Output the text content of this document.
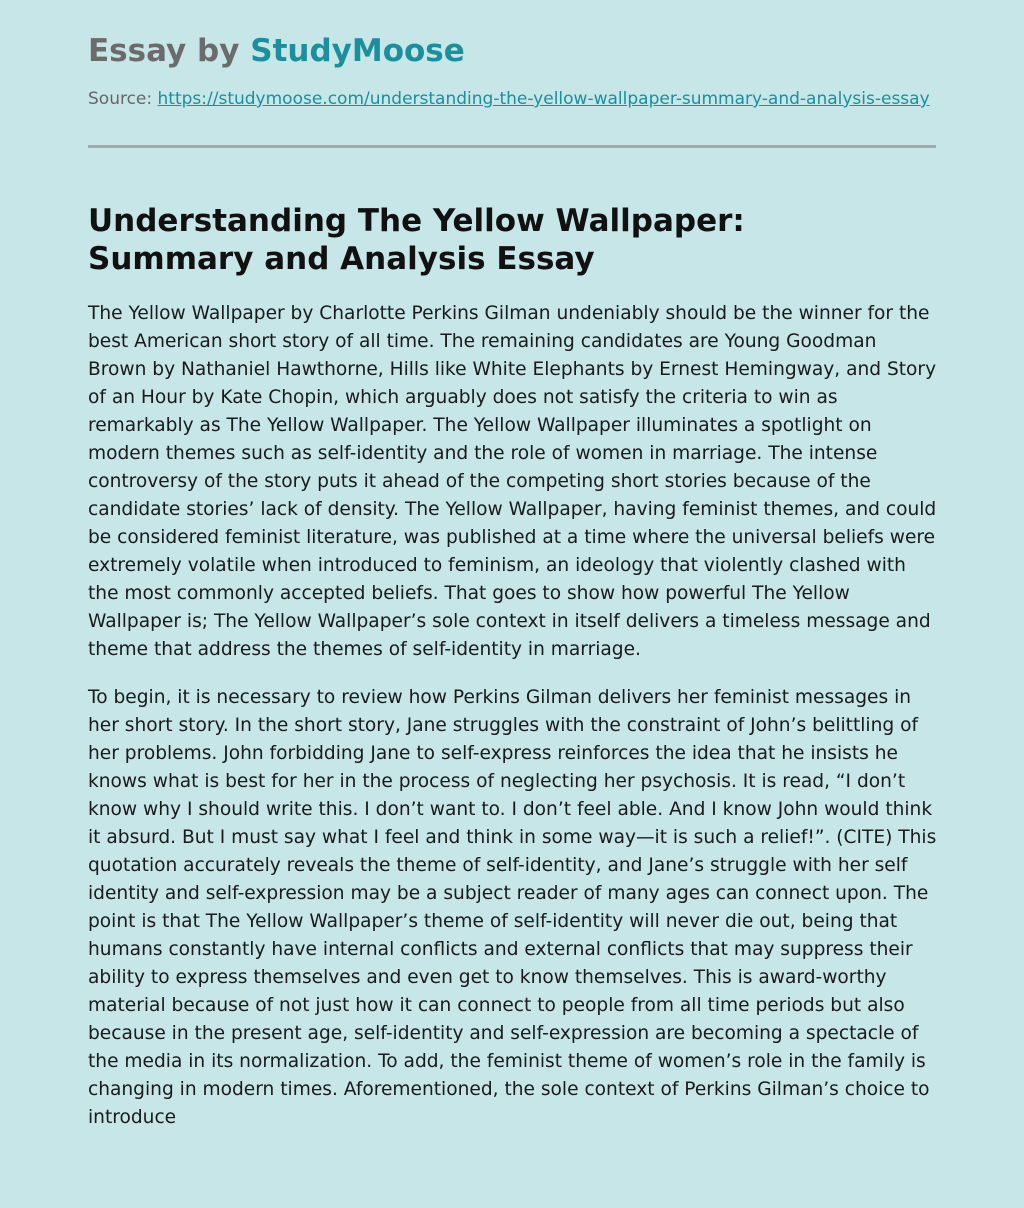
Essay by StudyMoose
Source: https://studymoose.com/understanding-the-yellow-wallpaper-summary-and-analysis-essay
Understanding The Yellow Wallpaper:
Summary and Analysis Essay

The Yellow Wallpaper by Charlotte Perkins Gilman undeniably should be the winner for the best American short story of all time. The remaining candidates are Young Goodman Brown by Nathaniel Hawthorne, Hills like White Elephants by Ernest Hemingway, and Story of an Hour by Kate Chopin, which arguably does not satisfy the criteria to win as remarkably as The Yellow Wallpaper. The Yellow Wallpaper illuminates a spotlight on modern themes such as self-identity and the role of women in marriage. The intense controversy of the story puts it ahead of the competing short stories because of the candidate stories’ lack of density. The Yellow Wallpaper, having feminist themes, and could be considered feminist literature, was published at a time where the universal beliefs were extremely volatile when introduced to feminism, an ideology that violently clashed with the most commonly accepted beliefs. That goes to show how powerful The Yellow Wallpaper is; The Yellow Wallpaper’s sole context in itself delivers a timeless message and theme that address the themes of self-identity in marriage.

To begin, it is necessary to review how Perkins Gilman delivers her feminist messages in her short story. In the short story, Jane struggles with the constraint of John’s belittling of her problems. John forbidding Jane to self-express reinforces the idea that he insists he knows what is best for her in the process of neglecting her psychosis. It is read, “I don’t know why I should write this. I don’t want to. I don’t feel able. And I know John would think it absurd. But I must say what I feel and think in some way—it is such a relief!”. (CITE) This quotation accurately reveals the theme of self-identity, and Jane’s struggle with her self identity and self-expression may be a subject reader of many ages can connect upon. The point is that The Yellow Wallpaper’s theme of self-identity will never die out, being that humans constantly have internal conflicts and external conflicts that may suppress their ability to express themselves and even get to know themselves. This is award-worthy material because of not just how it can connect to people from all time periods but also because in the present age, self-identity and self-expression are becoming a spectacle of the media in its normalization. To add, the feminist theme of women’s role in the family is changing in modern times. Aforementioned, the sole context of Perkins Gilman’s choice to introduce
